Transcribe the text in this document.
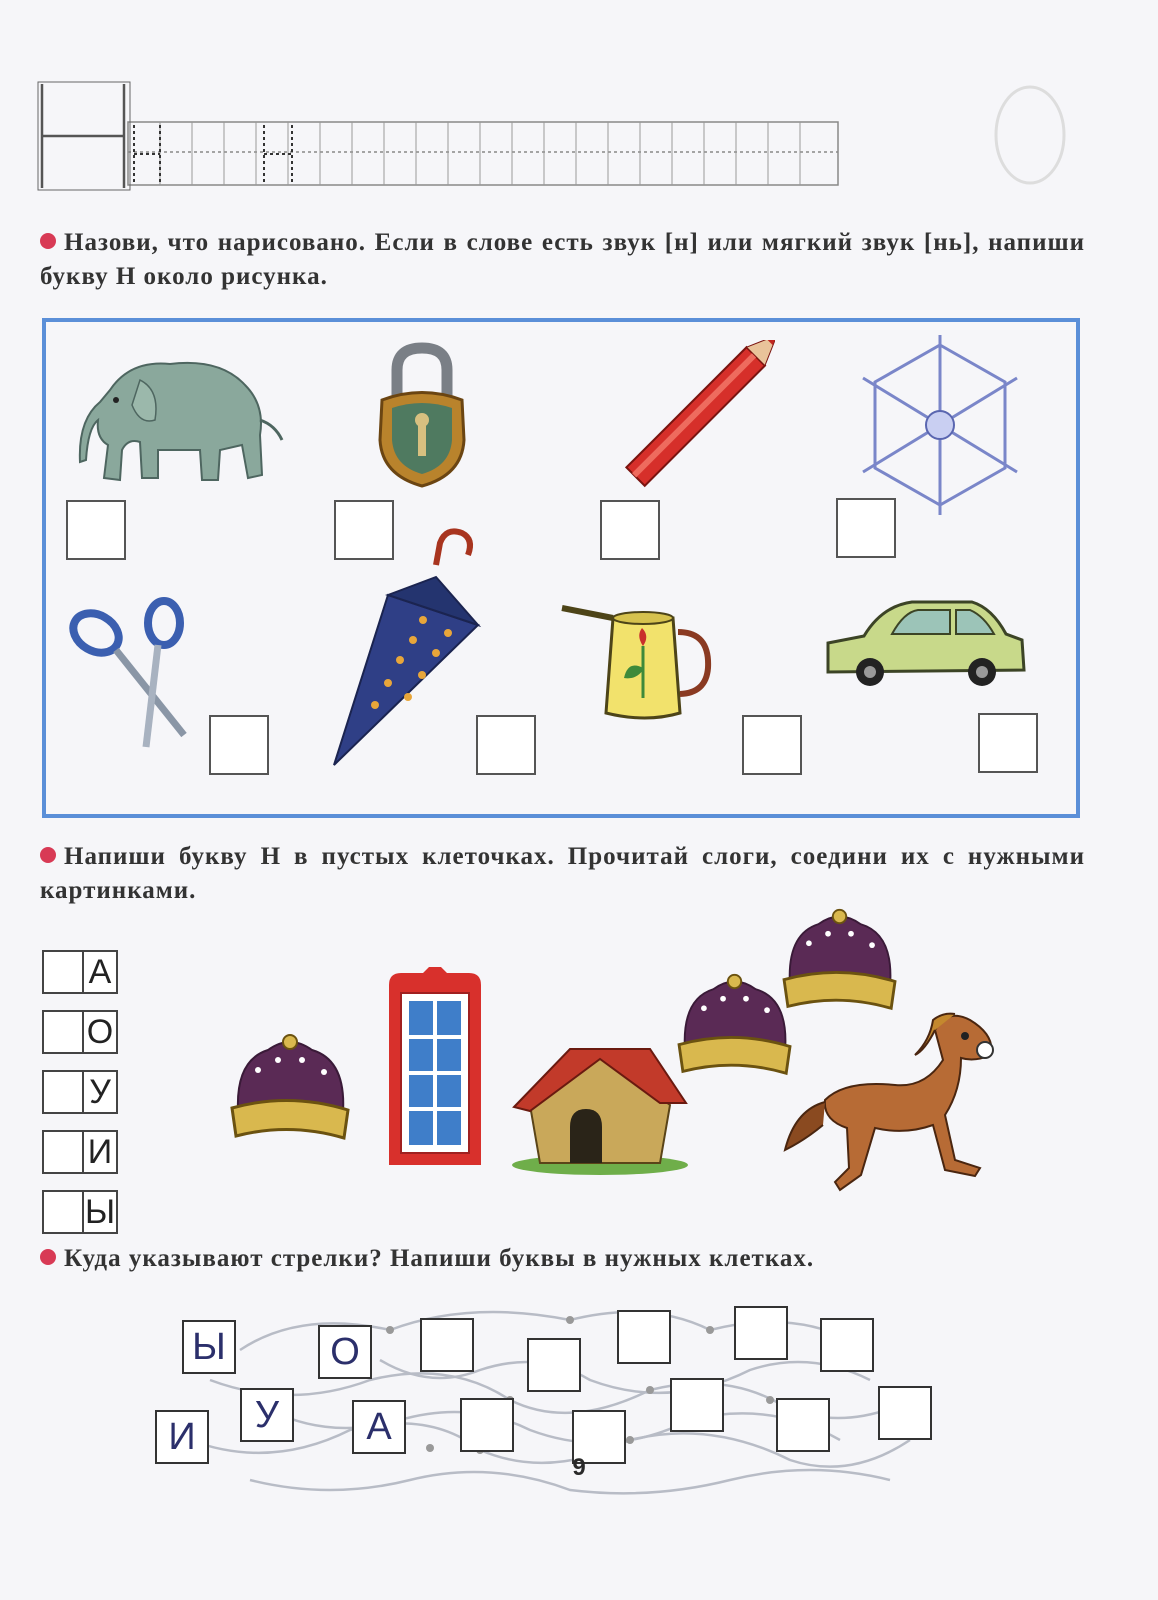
Назови, что нарисовано. Если в слове есть звук [н] или мягкий звук [нь], напиши букву Н около рисунка.
Напиши букву Н в пустых клеточках. Прочитай слоги, соедини их с нужными картинками.
А
О
У
И
Ы
Куда указывают стрелки? Напиши буквы в нужных клетках.
Ы	О
И
У	А
9
